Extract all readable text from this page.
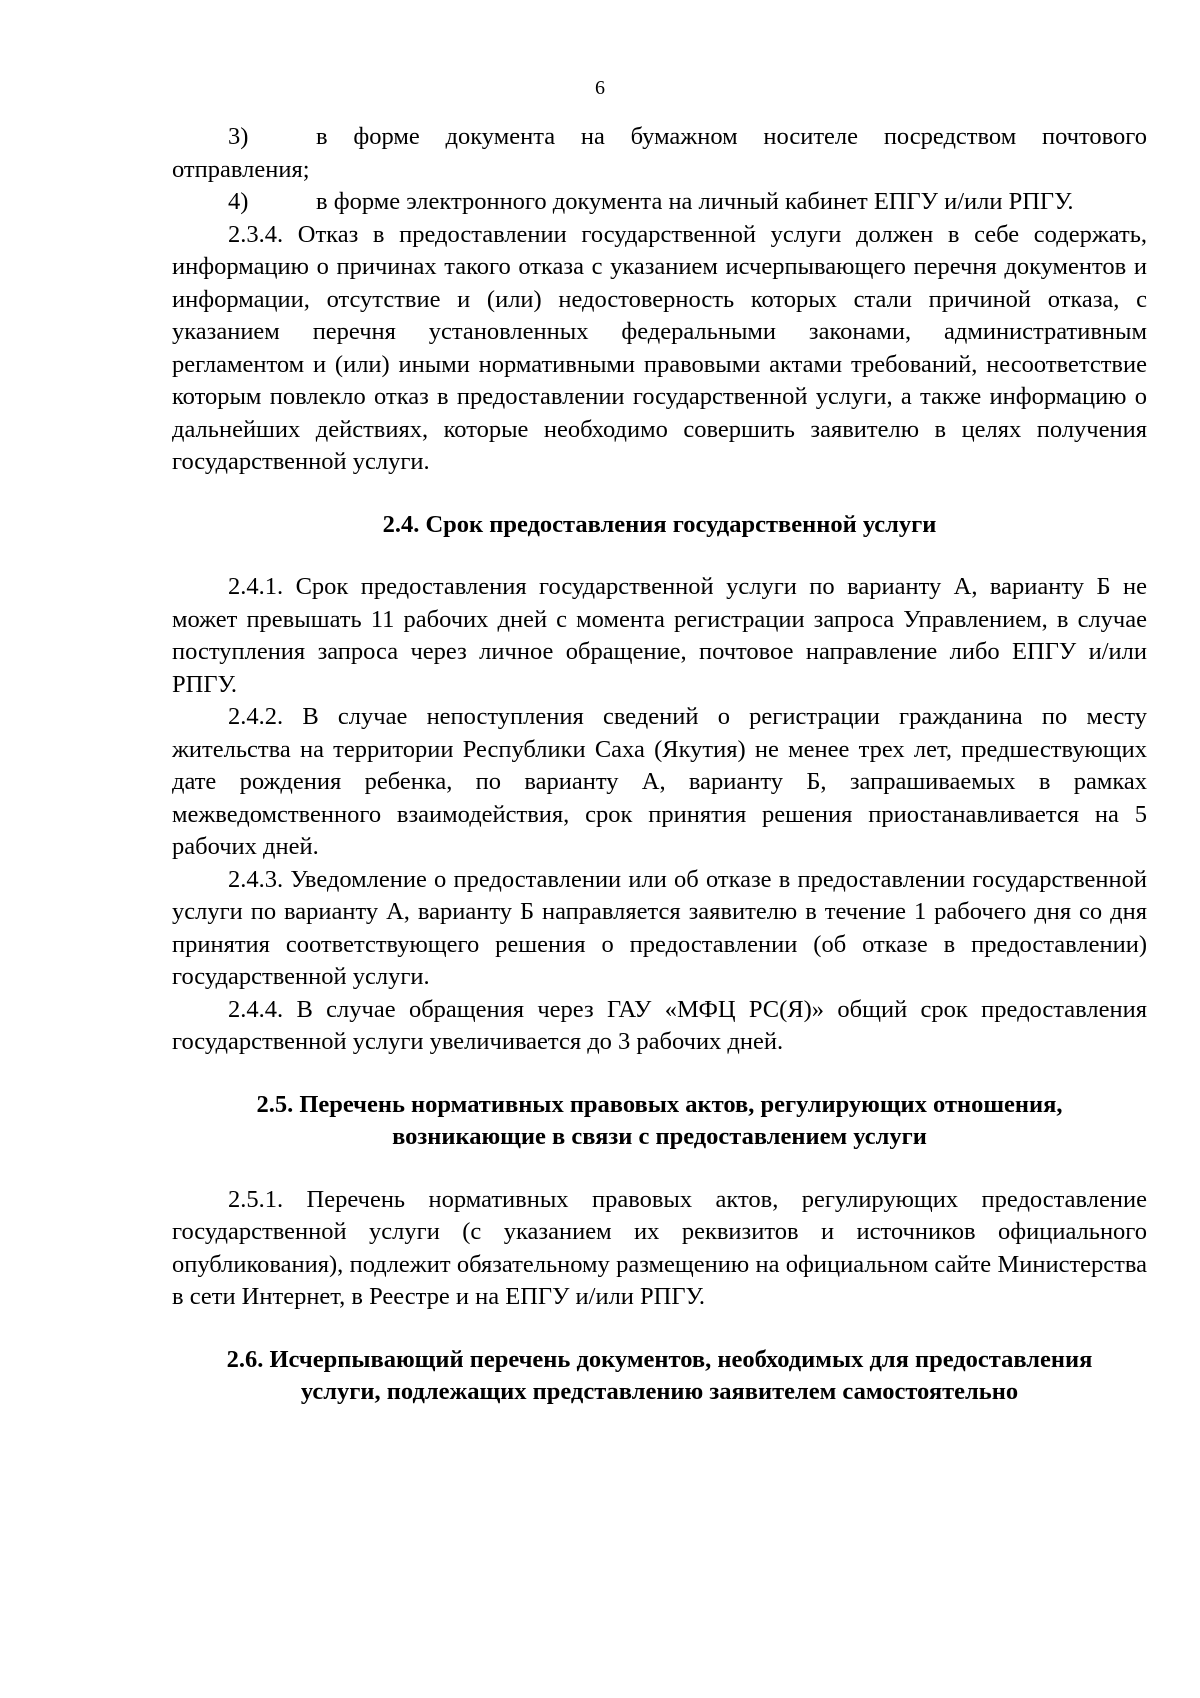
6

3)	в форме документа на бумажном носителе посредством почтового отправления;

4)	в форме электронного документа на личный кабинет ЕПГУ и/или РПГУ.

2.3.4. Отказ в предоставлении государственной услуги должен в себе содержать, информацию о причинах такого отказа с указанием исчерпывающего перечня документов и информации, отсутствие и (или) недостоверность которых стали причиной отказа, с указанием перечня установленных федеральными законами, административным регламентом и (или) иными нормативными правовыми актами требований, несоответствие которым повлекло отказ в предоставлении государственной услуги, а также информацию о дальнейших действиях, которые необходимо совершить заявителю в целях получения государственной услуги.

2.4. Срок предоставления государственной услуги

2.4.1. Срок предоставления государственной услуги по варианту А, варианту Б не может превышать 11 рабочих дней с момента регистрации запроса Управлением, в случае поступления запроса через личное обращение, почтовое направление либо ЕПГУ и/или РПГУ.

2.4.2. В случае непоступления сведений о регистрации гражданина по месту жительства на территории Республики Саха (Якутия) не менее трех лет, предшествующих дате рождения ребенка, по варианту А, варианту Б, запрашиваемых в рамках межведомственного взаимодействия, срок принятия решения приостанавливается на 5 рабочих дней.

2.4.3. Уведомление о предоставлении или об отказе в предоставлении государственной услуги по варианту А, варианту Б направляется заявителю в течение 1 рабочего дня со дня принятия соответствующего решения о предоставлении (об отказе в предоставлении) государственной услуги.

2.4.4. В случае обращения через ГАУ «МФЦ РС(Я)» общий срок предоставления государственной услуги увеличивается до 3 рабочих дней.

2.5. Перечень нормативных правовых актов, регулирующих отношения, возникающие в связи с предоставлением услуги

2.5.1. Перечень нормативных правовых актов, регулирующих предоставление государственной услуги (с указанием их реквизитов и источников официального опубликования), подлежит обязательному размещению на официальном сайте Министерства в сети Интернет, в Реестре и на ЕПГУ и/или РПГУ.

2.6. Исчерпывающий перечень документов, необходимых для предоставления услуги, подлежащих представлению заявителем самостоятельно
